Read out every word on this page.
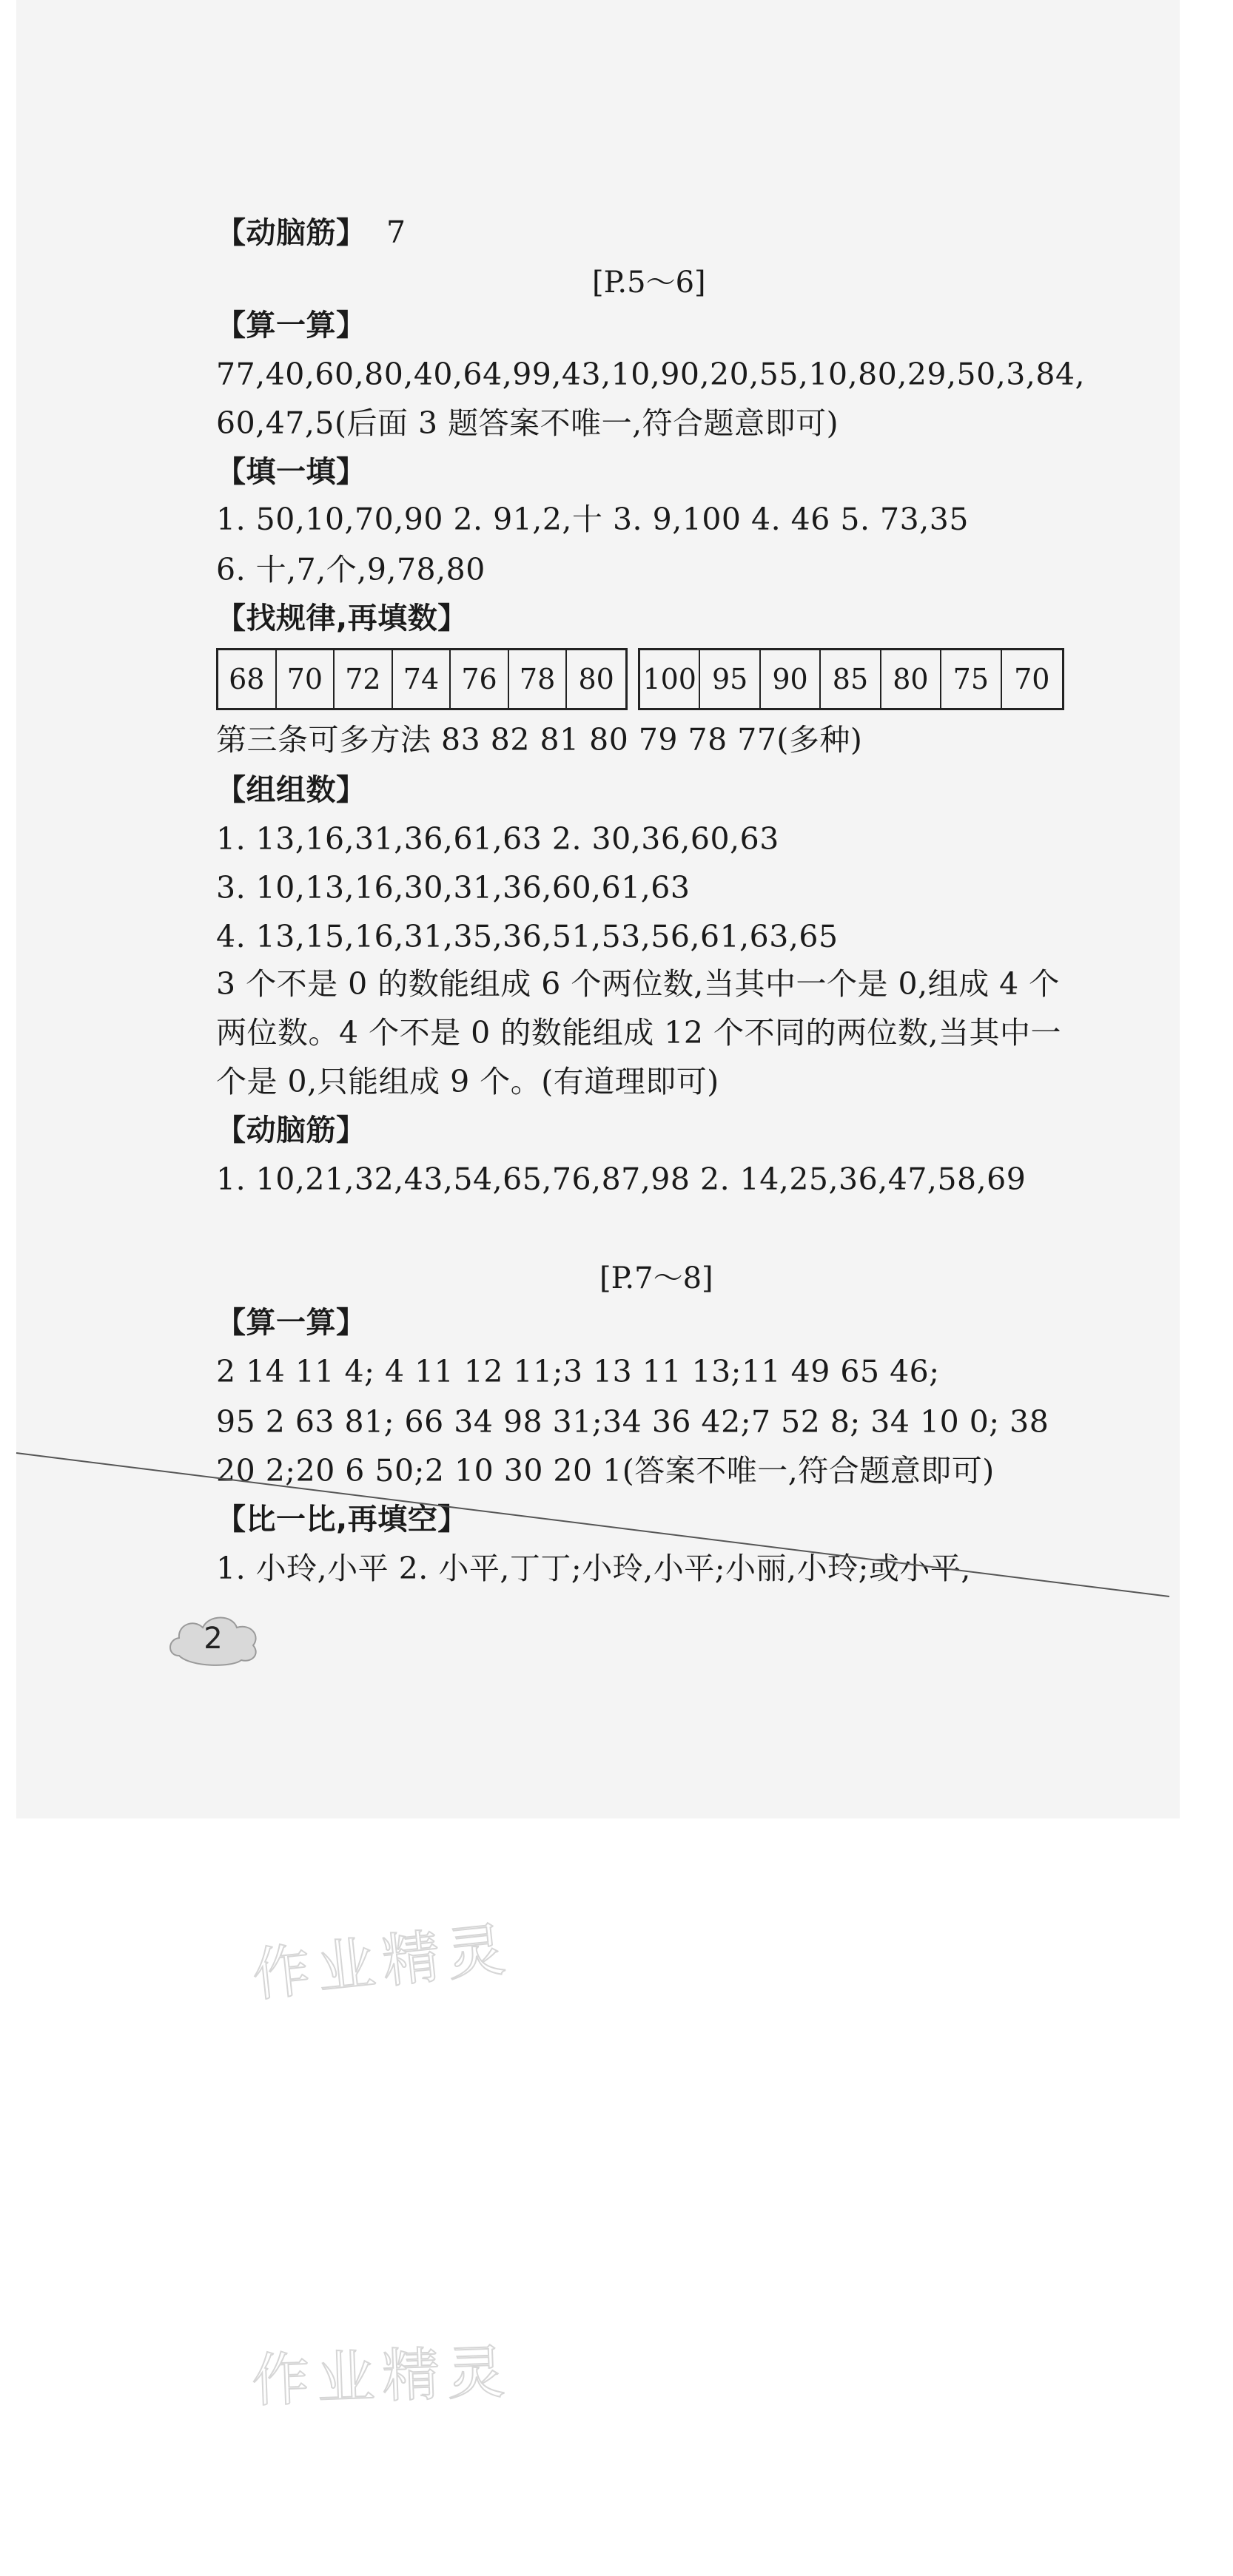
【动脑筋】 7
[P.5～6]
【算一算】
77,40,60,80,40,64,99,43,10,90,20,55,10,80,29,50,3,84,
60,47,5(后面 3 题答案不唯一,符合题意即可)
【填一填】
1. 50,10,70,90 2. 91,2,十 3. 9,100 4. 46 5. 73,35
6. 十,7,个,9,78,80
【找规律,再填数】
68 70 72 74 76 78 80	100 95 90 85 80 75 70
第三条可多方法 83 82 81 80 79 78 77(多种)
【组组数】
1. 13,16,31,36,61,63 2. 30,36,60,63
3. 10,13,16,30,31,36,60,61,63
4. 13,15,16,31,35,36,51,53,56,61,63,65
3 个不是 0 的数能组成 6 个两位数,当其中一个是 0,组成 4 个
两位数。4 个不是 0 的数能组成 12 个不同的两位数,当其中一
个是 0,只能组成 9 个。(有道理即可)
【动脑筋】
1. 10,21,32,43,54,65,76,87,98 2. 14,25,36,47,58,69
[P.7～8]
【算一算】
2 14 11 4; 4 11 12 11;3 13 11 13;11 49 65 46;
95 2 63 81; 66 34 98 31;34 36 42;7 52 8; 34 10 0; 38
20 2;20 6 50;2 10 30 20 1(答案不唯一,符合题意即可)
【比一比,再填空】
1. 小玲,小平 2. 小平,丁丁;小玲,小平;小丽,小玲;或小平,
2
作业精灵
作业精灵
